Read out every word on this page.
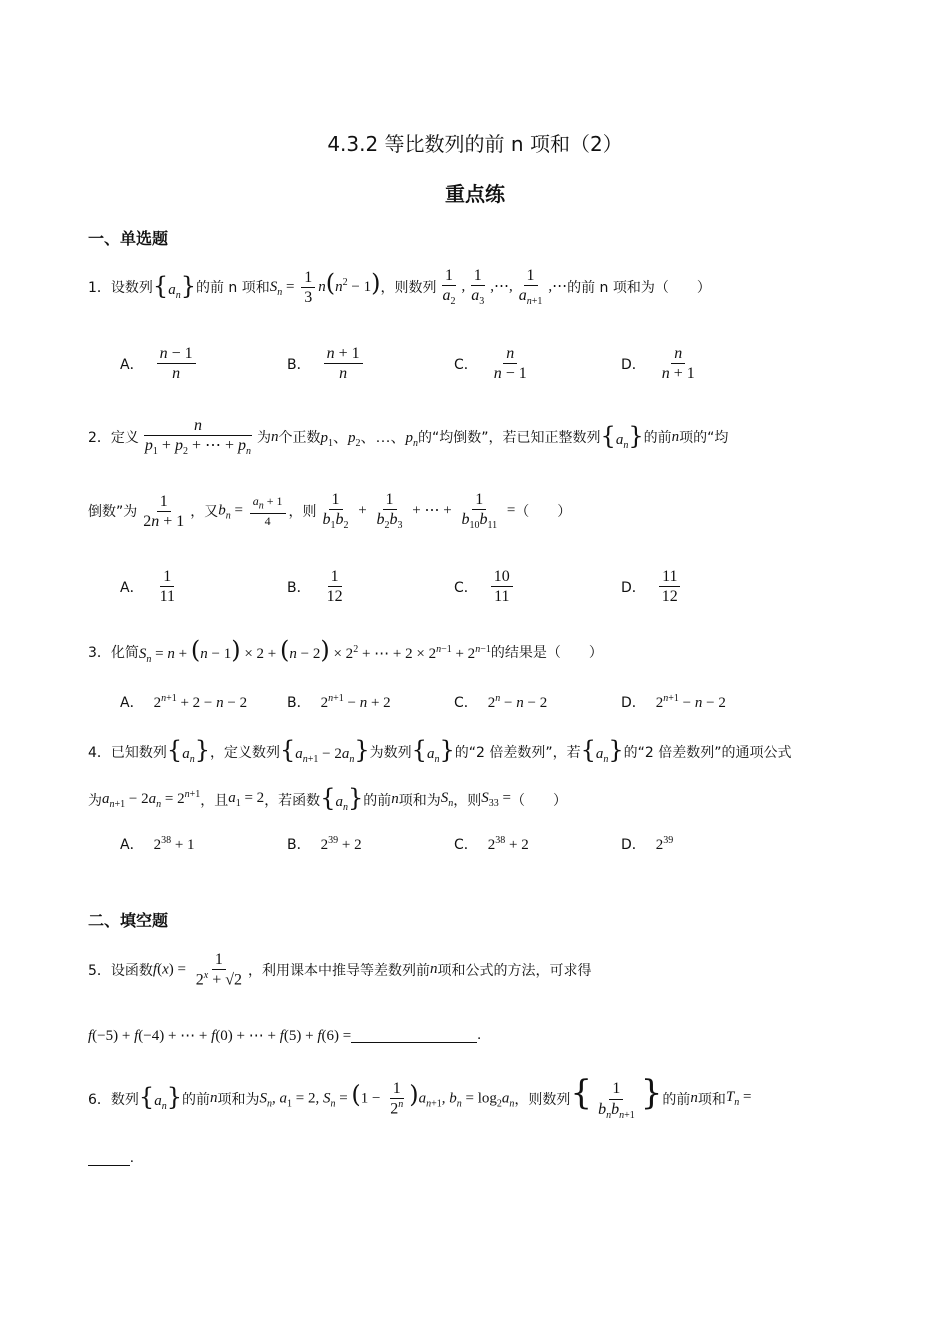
4.3.2 等比数列的前 n 项和（2）
重点练
一、单选题
1． 设数列 $\{a_n\}$ 的前 n 项和 $S_n = \frac{1}{3} n(n^2 - 1)$ ，则数列 $\frac{1}{a_2}$ , $\frac{1}{a_3}$ ,⋯, $\frac{1}{a_{n+1}}$ ,⋯ 的前 n 项和为（　　）
A． $\frac{n - 1}{n}$	B． $\frac{n + 1}{n}$	C． $\frac{n}{n - 1}$	D． $\frac{n}{n + 1}$
2． 定义 $\frac{n}{p_1 + p_2 + \cdots + p_n}$ 为 n 个正数 $p_1$、$p_2$、…、$p_n$ 的“均倒数”，若已知正整数列 $\{a_n\}$ 的前 n 项的“均
倒数”为 $\frac{1}{2n + 1}$ ，又 $b_n = \frac{a_n + 1}{4}$ ，则 $\frac{1}{b_1b_2} + \frac{1}{b_2b_3}$ + ⋯ + $\frac{1}{b_{10}b_{11}}$ = （　　）
A． $\frac{1}{11}$	B． $\frac{1}{12}$	C． $\frac{10}{11}$	D． $\frac{11}{12}$
3． 化简 $S_n = n + (n - 1) \times 2 + (n - 2) \times 2^2$ + ⋯ + $2 \times 2^{n-1} + 2^{n-1}$ 的结果是（　　）
A． $2^{n+1} + 2 - n - 2$	B． $2^{n+1} - n + 2$	C． $2^n - n - 2$	D． $2^{n+1} - n - 2$
4． 已知数列 $\{a_n\}$ ，定义数列 $\{a_{n+1} - 2a_n\}$ 为数列 $\{a_n\}$ 的“2 倍差数列”，若 $\{a_n\}$ 的“2 倍差数列”的通项公式
为 $a_{n+1} - 2a_n = 2^{n+1}$ ，且 $a_1 = 2$ ，若函数 $\{a_n\}$ 的前 n 项和为 $S_n$ ，则 $S_{33}$ = （　　）
A． $2^{38} + 1$	B． $2^{39} + 2$	C． $2^{38} + 2$	D． $2^{39}$
二、填空题
5． 设函数 $f(x) = \frac{1}{2^x + √2}$ ，利用课本中推导等差数列前 n 项和公式的方法，可求得
f(−5) + f(−4) + ⋯ + f(0) + ⋯ + f(5) + f(6) =	.
6． 数列 $\{a_n\}$ 的前 n 项和为 $S_n$, $a_1 = 2$, $S_n = (1 - \frac{1}{2^n} )a_{n+1}$, $b_n = \log_2a_n$ ，则数列 { $\frac{1}{b_nb_{n+1}}$ } 的前 n 项和 $T_n$ =
.
